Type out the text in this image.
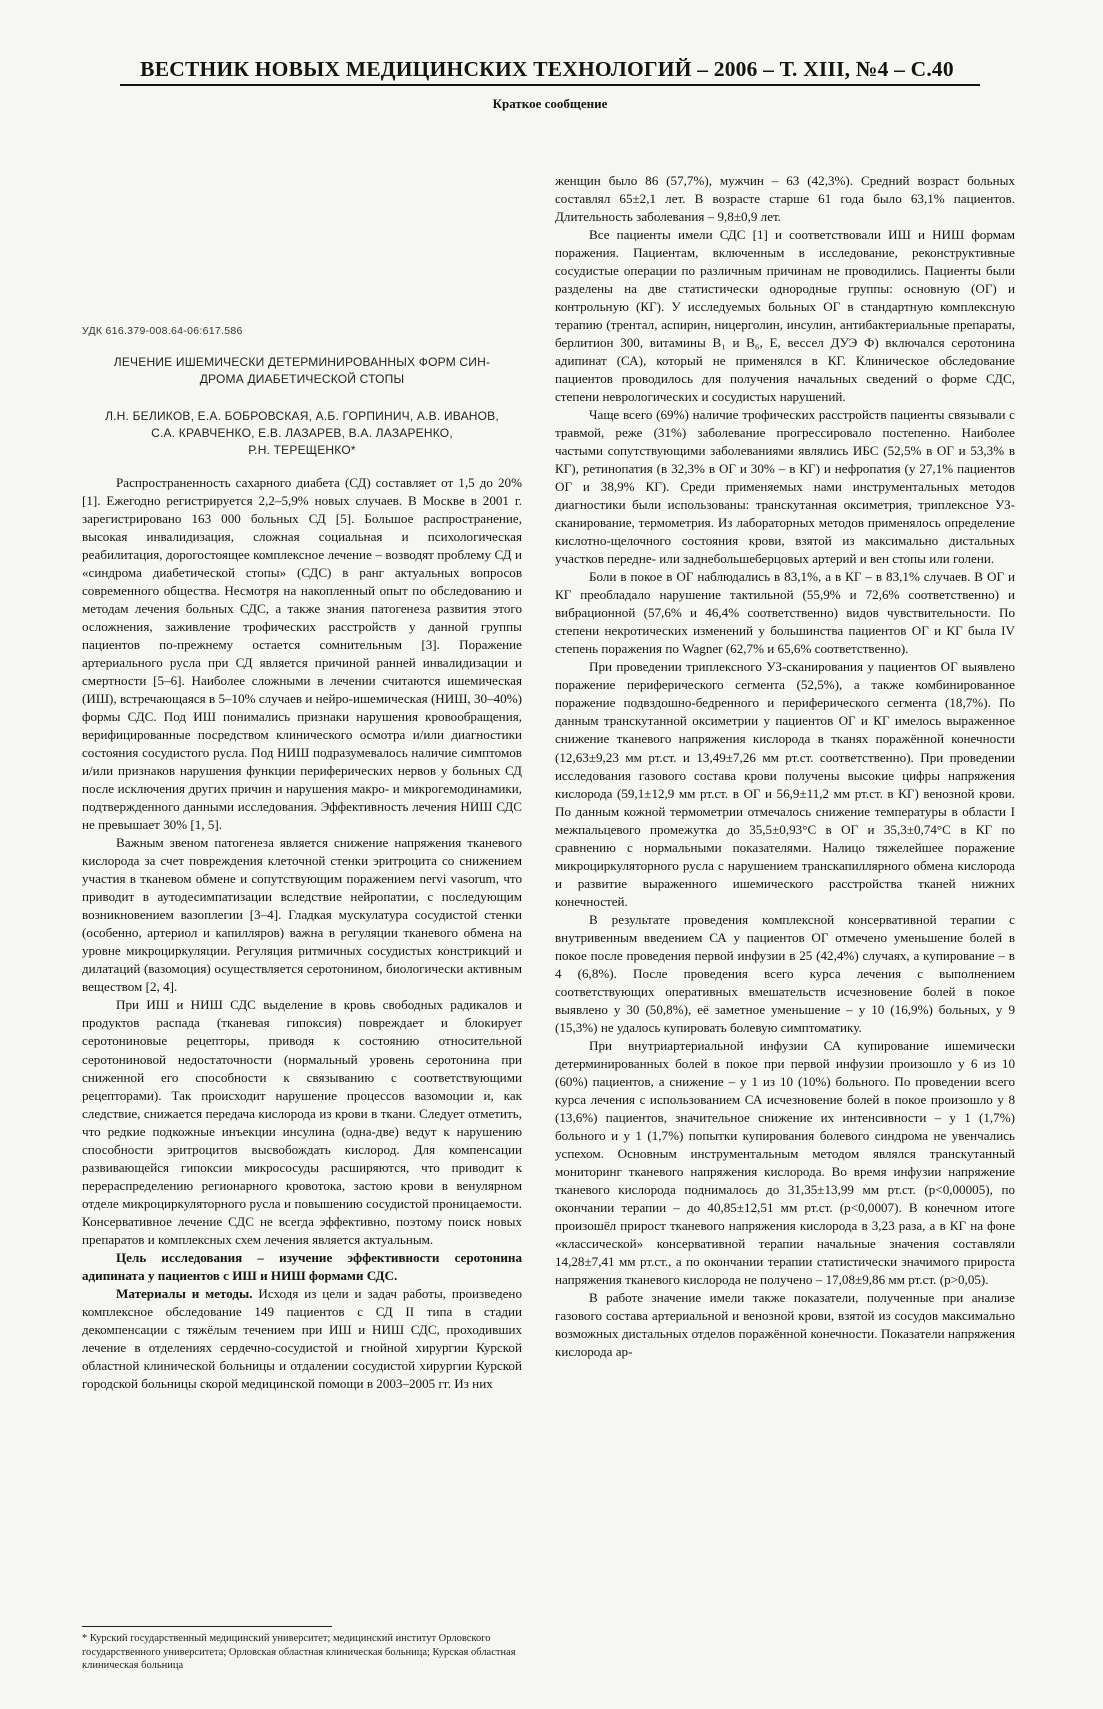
ВЕСТНИК НОВЫХ МЕДИЦИНСКИХ ТЕХНОЛОГИЙ – 2006 – Т. XIII, №4 – С.40
Краткое сообщение
УДК 616.379-008.64-06:617.586
ЛЕЧЕНИЕ ИШЕМИЧЕСКИ ДЕТЕРМИНИРОВАННЫХ ФОРМ СИН-
ДРОМА ДИАБЕТИЧЕСКОЙ СТОПЫ
Л.Н. БЕЛИКОВ, Е.А. БОБРОВСКАЯ, А.Б. ГОРПИНИЧ, А.В. ИВАНОВ,
С.А. КРАВЧЕНКО, Е.В. ЛАЗАРЕВ, В.А. ЛАЗАРЕНКО,
Р.Н. ТЕРЕЩЕНКО*

Распространенность сахарного диабета (СД) составляет от 1,5 до 20% [1]. Ежегодно регистрируется 2,2–5,9% новых случаев. В Москве в 2001 г. зарегистрировано 163 000 больных СД [5]. Большое распространение, высокая инвалидизация, сложная социальная и психологическая реабилитация, дорогостоящее комплексное лечение – возводят проблему СД и «синдрома диабетической стопы» (СДС) в ранг актуальных вопросов современного общества. Несмотря на накопленный опыт по обследованию и методам лечения больных СДС, а также знания патогенеза развития этого осложнения, заживление трофических расстройств у данной группы пациентов по-прежнему остается сомнительным [3]. Поражение артериального русла при СД является причиной ранней инвалидизации и смертности [5–6]. Наиболее сложными в лечении считаются ишемическая (ИШ), встречающаяся в 5–10% случаев и нейро-ишемическая (НИШ, 30–40%) формы СДС. Под ИШ понимались признаки нарушения кровообращения, верифицированные посредством клинического осмотра и/или диагностики состояния сосудистого русла. Под НИШ подразумевалось наличие симптомов и/или признаков нарушения функции периферических нервов у больных СД после исключения других причин и нарушения макро- и микрогемодинамики, подтвержденного данными исследования. Эффективность лечения НИШ СДС не превышает 30% [1, 5].

Важным звеном патогенеза является снижение напряжения тканевого кислорода за счет повреждения клеточной стенки эритроцита со снижением участия в тканевом обмене и сопутствующим поражением nervi vasorum, что приводит в аутодесимпатизации вследствие нейропатии, с последующим возникновением вазоплегии [3–4]. Гладкая мускулатура сосудистой стенки (особенно, артериол и капилляров) важна в регуляции тканевого обмена на уровне микроциркуляции. Регуляция ритмичных сосудистых констрикций и дилатаций (вазомоция) осуществляется серотонином, биологически активным веществом [2, 4].

При ИШ и НИШ СДС выделение в кровь свободных радикалов и продуктов распада (тканевая гипоксия) повреждает и блокирует серотониновые рецепторы, приводя к состоянию относительной серотониновой недостаточности (нормальный уровень серотонина при сниженной его способности к связыванию с соответствующими рецепторами). Так происходит нарушение процессов вазомоции и, как следствие, снижается передача кислорода из крови в ткани. Следует отметить, что редкие подкожные инъекции инсулина (одна-две) ведут к нарушению способности эритроцитов высвобождать кислород. Для компенсации развивающейся гипоксии микрососуды расширяются, что приводит к перераспределению регионарного кровотока, застою крови в венулярном отделе микроциркуляторного русла и повышению сосудистой проницаемости. Консервативное лечение СДС не всегда эффективно, поэтому поиск новых препаратов и комплексных схем лечения является актуальным.

Цель исследования – изучение эффективности серотонина адипината у пациентов с ИШ и НИШ формами СДС.

Материалы и методы. Исходя из цели и задач работы, произведено комплексное обследование 149 пациентов с СД II типа в стадии декомпенсации с тяжёлым течением при ИШ и НИШ СДС, проходивших лечение в отделениях сердечно-сосудистой и гнойной хирургии Курской областной клинической больницы и отдалении сосудистой хирургии Курской городской больницы скорой медицинской помощи в 2003–2005 гг. Из них

* Курский государственный медицинский университет; медицинский институт Орловского государственного университета; Орловская областная клиническая больница; Курская областная клиническая больница

женщин было 86 (57,7%), мужчин – 63 (42,3%). Средний возраст больных составлял 65±2,1 лет. В возрасте старше 61 года было 63,1% пациентов. Длительность заболевания – 9,8±0,9 лет.

Все пациенты имели СДС [1] и соответствовали ИШ и НИШ формам поражения. Пациентам, включенным в исследование, реконструктивные сосудистые операции по различным причинам не проводились. Пациенты были разделены на две статистически однородные группы: основную (ОГ) и контрольную (КГ). У исследуемых больных ОГ в стандартную комплексную терапию (трентал, аспирин, ницерголин, инсулин, антибактериальные препараты, берлитион 300, витамины B₁ и B₆, E, вессел ДУЭ Ф) включался серотонина адипинат (СА), который не применялся в КГ. Клиническое обследование пациентов проводилось для получения начальных сведений о форме СДС, степени неврологических и сосудистых нарушений.

Чаще всего (69%) наличие трофических расстройств пациенты связывали с травмой, реже (31%) заболевание прогрессировало постепенно. Наиболее частыми сопутствующими заболеваниями являлись ИБС (52,5% в ОГ и 53,3% в КГ), ретинопатия (в 32,3% в ОГ и 30% – в КГ) и нефропатия (у 27,1% пациентов ОГ и 38,9% КГ). Среди применяемых нами инструментальных методов диагностики были использованы: транскутанная оксиметрия, триплексное УЗ-сканирование, термометрия. Из лабораторных методов применялось определение кислотно-щелочного состояния крови, взятой из максимально дистальных участков передне- или заднебольшеберцовых артерий и вен стопы или голени.

Боли в покое в ОГ наблюдались в 83,1%, а в КГ – в 83,1% случаев. В ОГ и КГ преобладало нарушение тактильной (55,9% и 72,6% соответственно) и вибрационной (57,6% и 46,4% соответственно) видов чувствительности. По степени некротических изменений у большинства пациентов ОГ и КГ была IV степень поражения по Wagner (62,7% и 65,6% соответственно).

При проведении триплексного УЗ-сканирования у пациентов ОГ выявлено поражение периферического сегмента (52,5%), а также комбинированное поражение подвздошно-бедренного и периферического сегмента (18,7%). По данным транскутанной оксиметрии у пациентов ОГ и КГ имелось выраженное снижение тканевого напряжения кислорода в тканях поражённой конечности (12,63±9,23 мм рт.ст. и 13,49±7,26 мм рт.ст. соответственно). При проведении исследования газового состава крови получены высокие цифры напряжения кислорода (59,1±12,9 мм рт.ст. в ОГ и 56,9±11,2 мм рт.ст. в КГ) венозной крови. По данным кожной термометрии отмечалось снижение температуры в области I межпальцевого промежутка до 35,5±0,93°С в ОГ и 35,3±0,74°С в КГ по сравнению с нормальными показателями. Налицо тяжелейшее поражение микроциркуляторного русла с нарушением транскапиллярного обмена кислорода и развитие выраженного ишемического расстройства тканей нижних конечностей.

В результате проведения комплексной консервативной терапии с внутривенным введением СА у пациентов ОГ отмечено уменьшение болей в покое после проведения первой инфузии в 25 (42,4%) случаях, а купирование – в 4 (6,8%). После проведения всего курса лечения с выполнением соответствующих оперативных вмешательств исчезновение болей в покое выявлено у 30 (50,8%), её заметное уменьшение – у 10 (16,9%) больных, у 9 (15,3%) не удалось купировать болевую симптоматику.

При внутриартериальной инфузии СА купирование ишемически детерминированных болей в покое при первой инфузии произошло у 6 из 10 (60%) пациентов, а снижение – у 1 из 10 (10%) больного. По проведении всего курса лечения с использованием СА исчезновение болей в покое произошло у 8 (13,6%) пациентов, значительное снижение их интенсивности – у 1 (1,7%) больного и у 1 (1,7%) попытки купирования болевого синдрома не увенчались успехом. Основным инструментальным методом являлся транскутанный мониторинг тканевого напряжения кислорода. Во время инфузии напряжение тканевого кислорода поднималось до 31,35±13,99 мм рт.ст. (p<0,00005), по окончании терапии – до 40,85±12,51 мм рт.ст. (p<0,0007). В конечном итоге произошёл прирост тканевого напряжения кислорода в 3,23 раза, а в КГ на фоне «классической» консервативной терапии начальные значения составляли 14,28±7,41 мм рт.ст., а по окончании терапии статистически значимого прироста напряжения тканевого кислорода не получено – 17,08±9,86 мм рт.ст. (p>0,05).

В работе значение имели также показатели, полученные при анализе газового состава артериальной и венозной крови, взятой из сосудов максимально возможных дистальных отделов поражённой конечности. Показатели напряжения кислорода ар-
